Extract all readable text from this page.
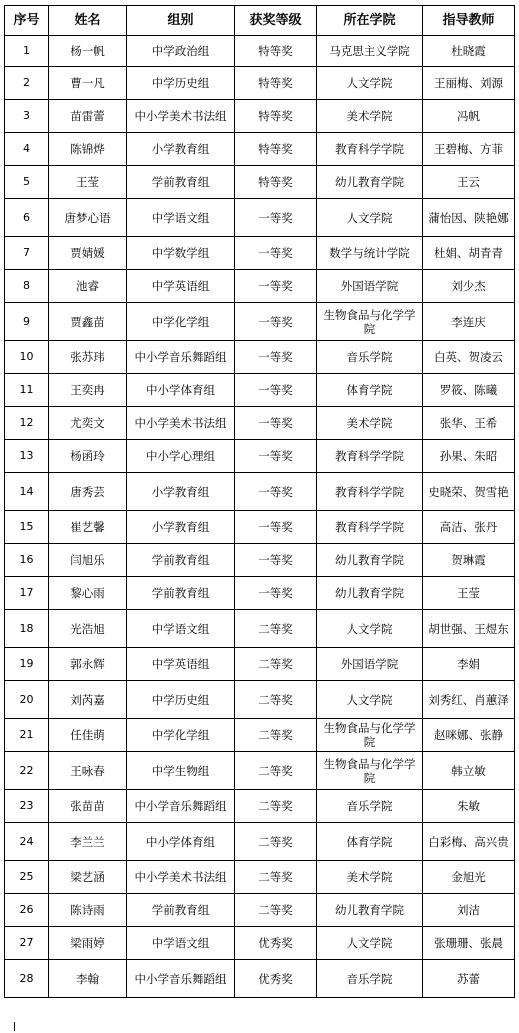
序号	姓名	组别	获奖等级	所在学院	指导教师
1	杨一帆	中学政治组	特等奖	马克思主义学院	杜晓霞
2	曹一凡	中学历史组	特等奖	人文学院	王丽梅、刘源
3	苗雷蕾	中小学美术书法组	特等奖	美术学院	冯帆
4	陈锦烨	小学教育组	特等奖	教育科学学院	王碧梅、方菲
5	王莹	学前教育组	特等奖	幼儿教育学院	王云
6	唐梦心语	中学语文组	一等奖	人文学院	蒲怡因、陕艳娜
7	贾婧媛	中学数学组	一等奖	数学与统计学院	杜娟、胡青青
8	池睿	中学英语组	一等奖	外国语学院	刘少杰
9	贾鑫苗	中学化学组	一等奖	生物食品与化学学院	李连庆
10	张苏玮	中小学音乐舞蹈组	一等奖	音乐学院	白英、贺凌云
11	王奕冉	中小学体育组	一等奖	体育学院	罗筱、陈曦
12	尤奕文	中小学美术书法组	一等奖	美术学院	张华、王希
13	杨函玲	中小学心理组	一等奖	教育科学学院	孙果、朱昭
14	唐秀芸	小学教育组	一等奖	教育科学学院	史晓荣、贺雪艳
15	崔艺馨	小学教育组	一等奖	教育科学学院	高洁、张丹
16	闫旭乐	学前教育组	一等奖	幼儿教育学院	贺琳霞
17	黎心雨	学前教育组	一等奖	幼儿教育学院	王莹
18	光浩旭	中学语文组	二等奖	人文学院	胡世强、王煜东
19	郭永辉	中学英语组	二等奖	外国语学院	李娟
20	刘芮嘉	中学历史组	二等奖	人文学院	刘秀红、肖蕙泽
21	任佳萌	中学化学组	二等奖	生物食品与化学学院	赵咪娜、张静
22	王咏春	中学生物组	二等奖	生物食品与化学学院	韩立敏
23	张苗苗	中小学音乐舞蹈组	二等奖	音乐学院	朱敏
24	李兰兰	中小学体育组	二等奖	体育学院	白彩梅、高兴贵
25	梁艺涵	中小学美术书法组	二等奖	美术学院	金旭光
26	陈诗雨	学前教育组	二等奖	幼儿教育学院	刘洁
27	梁雨婷	中学语文组	优秀奖	人文学院	张珊珊、张晨
28	李翰	中小学音乐舞蹈组	优秀奖	音乐学院	苏蕾
